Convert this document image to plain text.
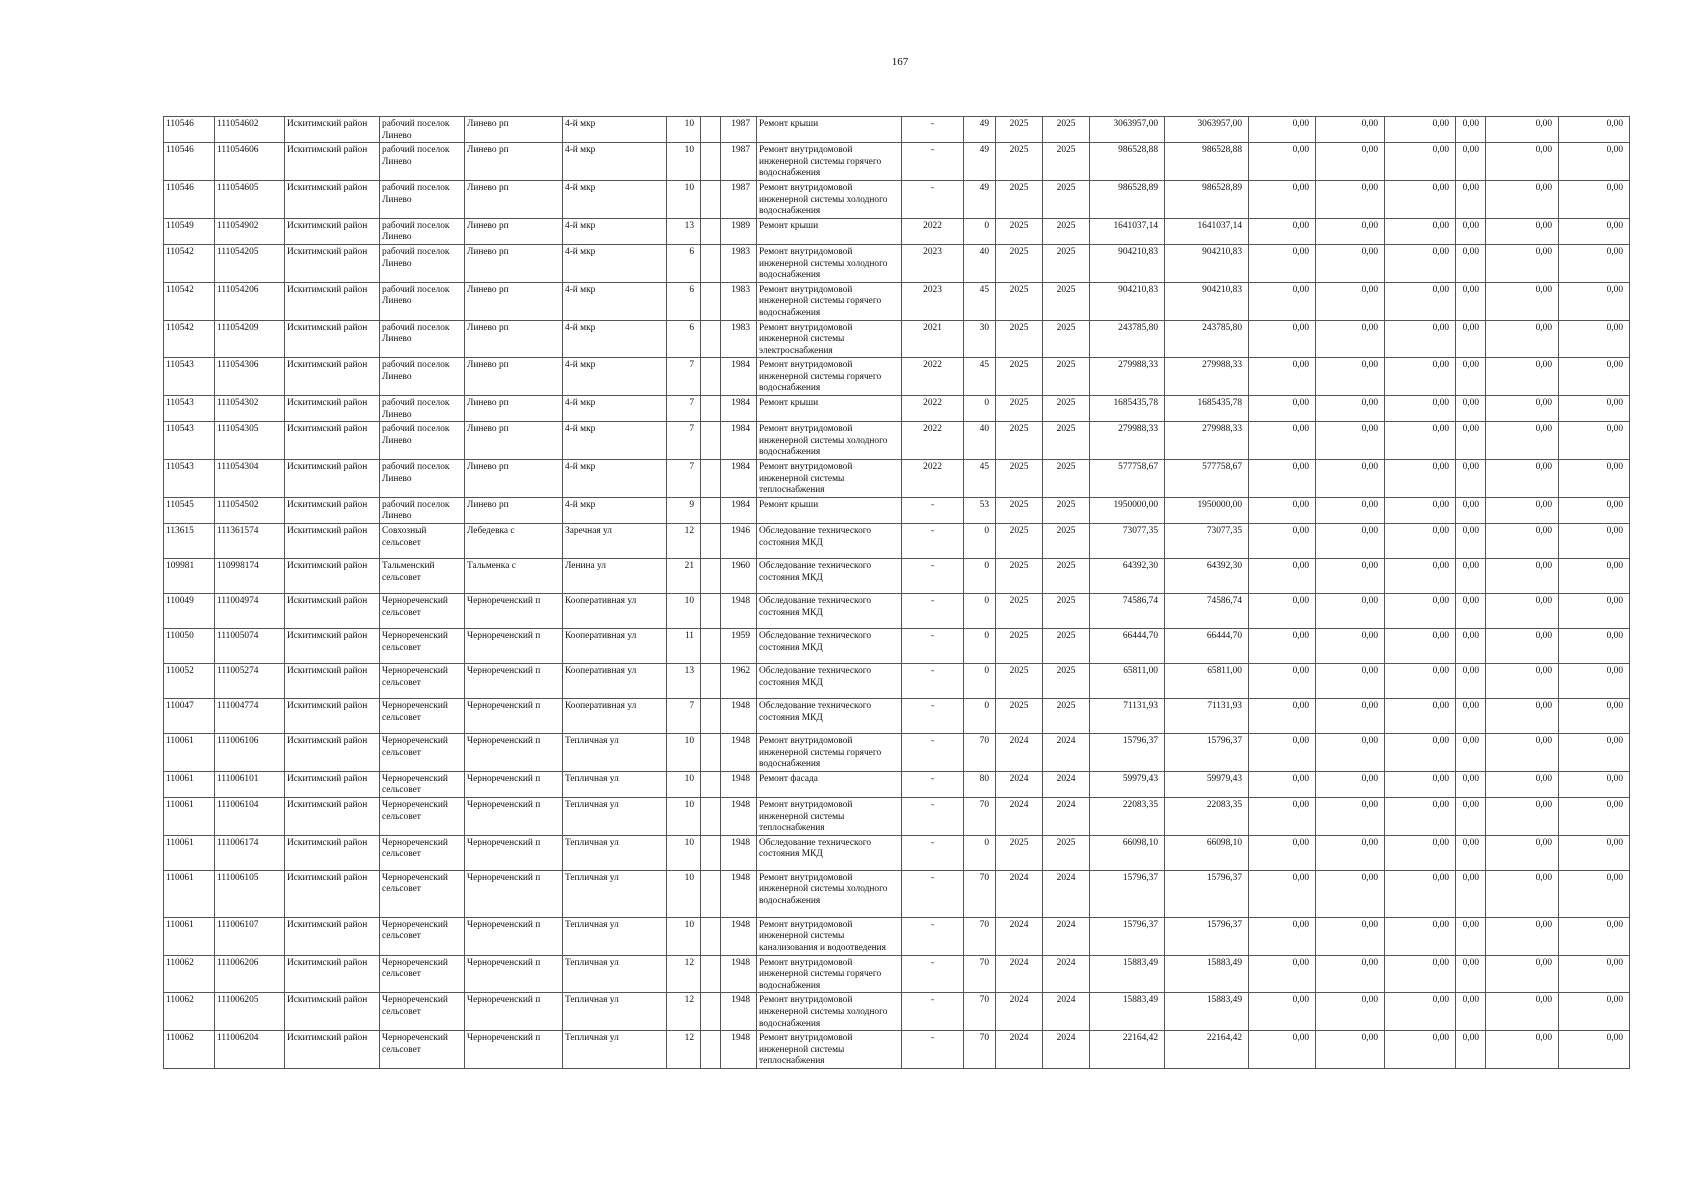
167
110546	111054602	Искитимский район	рабочий поселок Линево	Линево рп	4-й мкр	10		1987	Ремонт крыши	-	49	2025	2025	3063957,00	3063957,00	0,00	0,00	0,00	0,00	0,00	0,00
110546	111054606	Искитимский район	рабочий поселок Линево	Линево рп	4-й мкр	10		1987	Ремонт внутридомовой инженерной системы горячего водоснабжения	-	49	2025	2025	986528,88	986528,88	0,00	0,00	0,00	0,00	0,00	0,00
110546	111054605	Искитимский район	рабочий поселок Линево	Линево рп	4-й мкр	10		1987	Ремонт внутридомовой инженерной системы холодного водоснабжения	-	49	2025	2025	986528,89	986528,89	0,00	0,00	0,00	0,00	0,00	0,00
110549	111054902	Искитимский район	рабочий поселок Линево	Линево рп	4-й мкр	13		1989	Ремонт крыши	2022	0	2025	2025	1641037,14	1641037,14	0,00	0,00	0,00	0,00	0,00	0,00
110542	111054205	Искитимский район	рабочий поселок Линево	Линево рп	4-й мкр	6		1983	Ремонт внутридомовой инженерной системы холодного водоснабжения	2023	40	2025	2025	904210,83	904210,83	0,00	0,00	0,00	0,00	0,00	0,00
110542	111054206	Искитимский район	рабочий поселок Линево	Линево рп	4-й мкр	6		1983	Ремонт внутридомовой инженерной системы горячего водоснабжения	2023	45	2025	2025	904210,83	904210,83	0,00	0,00	0,00	0,00	0,00	0,00
110542	111054209	Искитимский район	рабочий поселок Линево	Линево рп	4-й мкр	6		1983	Ремонт внутридомовой инженерной системы электроснабжения	2021	30	2025	2025	243785,80	243785,80	0,00	0,00	0,00	0,00	0,00	0,00
110543	111054306	Искитимский район	рабочий поселок Линево	Линево рп	4-й мкр	7		1984	Ремонт внутридомовой инженерной системы горячего водоснабжения	2022	45	2025	2025	279988,33	279988,33	0,00	0,00	0,00	0,00	0,00	0,00
110543	111054302	Искитимский район	рабочий поселок Линево	Линево рп	4-й мкр	7		1984	Ремонт крыши	2022	0	2025	2025	1685435,78	1685435,78	0,00	0,00	0,00	0,00	0,00	0,00
110543	111054305	Искитимский район	рабочий поселок Линево	Линево рп	4-й мкр	7		1984	Ремонт внутридомовой инженерной системы холодного водоснабжения	2022	40	2025	2025	279988,33	279988,33	0,00	0,00	0,00	0,00	0,00	0,00
110543	111054304	Искитимский район	рабочий поселок Линево	Линево рп	4-й мкр	7		1984	Ремонт внутридомовой инженерной системы теплоснабжения	2022	45	2025	2025	577758,67	577758,67	0,00	0,00	0,00	0,00	0,00	0,00
110545	111054502	Искитимский район	рабочий поселок Линево	Линево рп	4-й мкр	9		1984	Ремонт крыши	-	53	2025	2025	1950000,00	1950000,00	0,00	0,00	0,00	0,00	0,00	0,00
113615	111361574	Искитимский район	Совхозный сельсовет	Лебедевка с	Заречная ул	12		1946	Обследование технического состояния МКД	-	0	2025	2025	73077,35	73077,35	0,00	0,00	0,00	0,00	0,00	0,00
109981	110998174	Искитимский район	Тальменский сельсовет	Тальменка с	Ленина ул	21		1960	Обследование технического состояния МКД	-	0	2025	2025	64392,30	64392,30	0,00	0,00	0,00	0,00	0,00	0,00
110049	111004974	Искитимский район	Чернореченский сельсовет	Чернореченский п	Кооперативная ул	10		1948	Обследование технического состояния МКД	-	0	2025	2025	74586,74	74586,74	0,00	0,00	0,00	0,00	0,00	0,00
110050	111005074	Искитимский район	Чернореченский сельсовет	Чернореченский п	Кооперативная ул	11		1959	Обследование технического состояния МКД	-	0	2025	2025	66444,70	66444,70	0,00	0,00	0,00	0,00	0,00	0,00
110052	111005274	Искитимский район	Чернореченский сельсовет	Чернореченский п	Кооперативная ул	13		1962	Обследование технического состояния МКД	-	0	2025	2025	65811,00	65811,00	0,00	0,00	0,00	0,00	0,00	0,00
110047	111004774	Искитимский район	Чернореченский сельсовет	Чернореченский п	Кооперативная ул	7		1948	Обследование технического состояния МКД	-	0	2025	2025	71131,93	71131,93	0,00	0,00	0,00	0,00	0,00	0,00
110061	111006106	Искитимский район	Чернореченский сельсовет	Чернореченский п	Тепличная ул	10		1948	Ремонт внутридомовой инженерной системы горячего водоснабжения	-	70	2024	2024	15796,37	15796,37	0,00	0,00	0,00	0,00	0,00	0,00
110061	111006101	Искитимский район	Чернореченский сельсовет	Чернореченский п	Тепличная ул	10		1948	Ремонт фасада	-	80	2024	2024	59979,43	59979,43	0,00	0,00	0,00	0,00	0,00	0,00
110061	111006104	Искитимский район	Чернореченский сельсовет	Чернореченский п	Тепличная ул	10		1948	Ремонт внутридомовой инженерной системы теплоснабжения	-	70	2024	2024	22083,35	22083,35	0,00	0,00	0,00	0,00	0,00	0,00
110061	111006174	Искитимский район	Чернореченский сельсовет	Чернореченский п	Тепличная ул	10		1948	Обследование технического состояния МКД	-	0	2025	2025	66098,10	66098,10	0,00	0,00	0,00	0,00	0,00	0,00
110061	111006105	Искитимский район	Чернореченский сельсовет	Чернореченский п	Тепличная ул	10		1948	Ремонт внутридомовой инженерной системы холодного водоснабжения	-	70	2024	2024	15796,37	15796,37	0,00	0,00	0,00	0,00	0,00	0,00
110061	111006107	Искитимский район	Чернореченский сельсовет	Чернореченский п	Тепличная ул	10		1948	Ремонт внутридомовой инженерной системы канализования и водоотведения	-	70	2024	2024	15796,37	15796,37	0,00	0,00	0,00	0,00	0,00	0,00
110062	111006206	Искитимский район	Чернореченский сельсовет	Чернореченский п	Тепличная ул	12		1948	Ремонт внутридомовой инженерной системы горячего водоснабжения	-	70	2024	2024	15883,49	15883,49	0,00	0,00	0,00	0,00	0,00	0,00
110062	111006205	Искитимский район	Чернореченский сельсовет	Чернореченский п	Тепличная ул	12		1948	Ремонт внутридомовой инженерной системы холодного водоснабжения	-	70	2024	2024	15883,49	15883,49	0,00	0,00	0,00	0,00	0,00	0,00
110062	111006204	Искитимский район	Чернореченский сельсовет	Чернореченский п	Тепличная ул	12		1948	Ремонт внутридомовой инженерной системы теплоснабжения	-	70	2024	2024	22164,42	22164,42	0,00	0,00	0,00	0,00	0,00	0,00
